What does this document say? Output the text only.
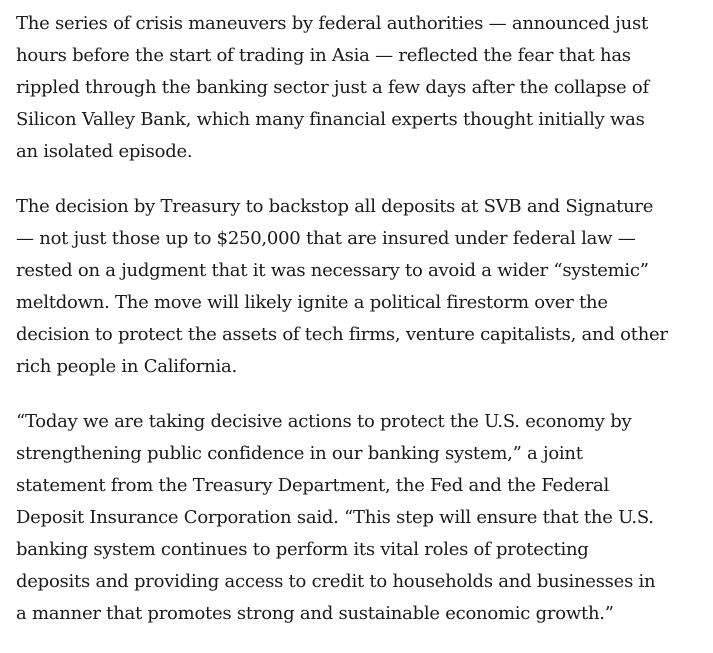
The series of crisis maneuvers by federal authorities — announced just
hours before the start of trading in Asia — reflected the fear that has
rippled through the banking sector just a few days after the collapse of
Silicon Valley Bank, which many financial experts thought initially was
an isolated episode.

The decision by Treasury to backstop all deposits at SVB and Signature
— not just those up to $250,000 that are insured under federal law —
rested on a judgment that it was necessary to avoid a wider “systemic”
meltdown. The move will likely ignite a political firestorm over the
decision to protect the assets of tech firms, venture capitalists, and other
rich people in California.

“Today we are taking decisive actions to protect the U.S. economy by
strengthening public confidence in our banking system,” a joint
statement from the Treasury Department, the Fed and the Federal
Deposit Insurance Corporation said. “This step will ensure that the U.S.
banking system continues to perform its vital roles of protecting
deposits and providing access to credit to households and businesses in
a manner that promotes strong and sustainable economic growth.”
